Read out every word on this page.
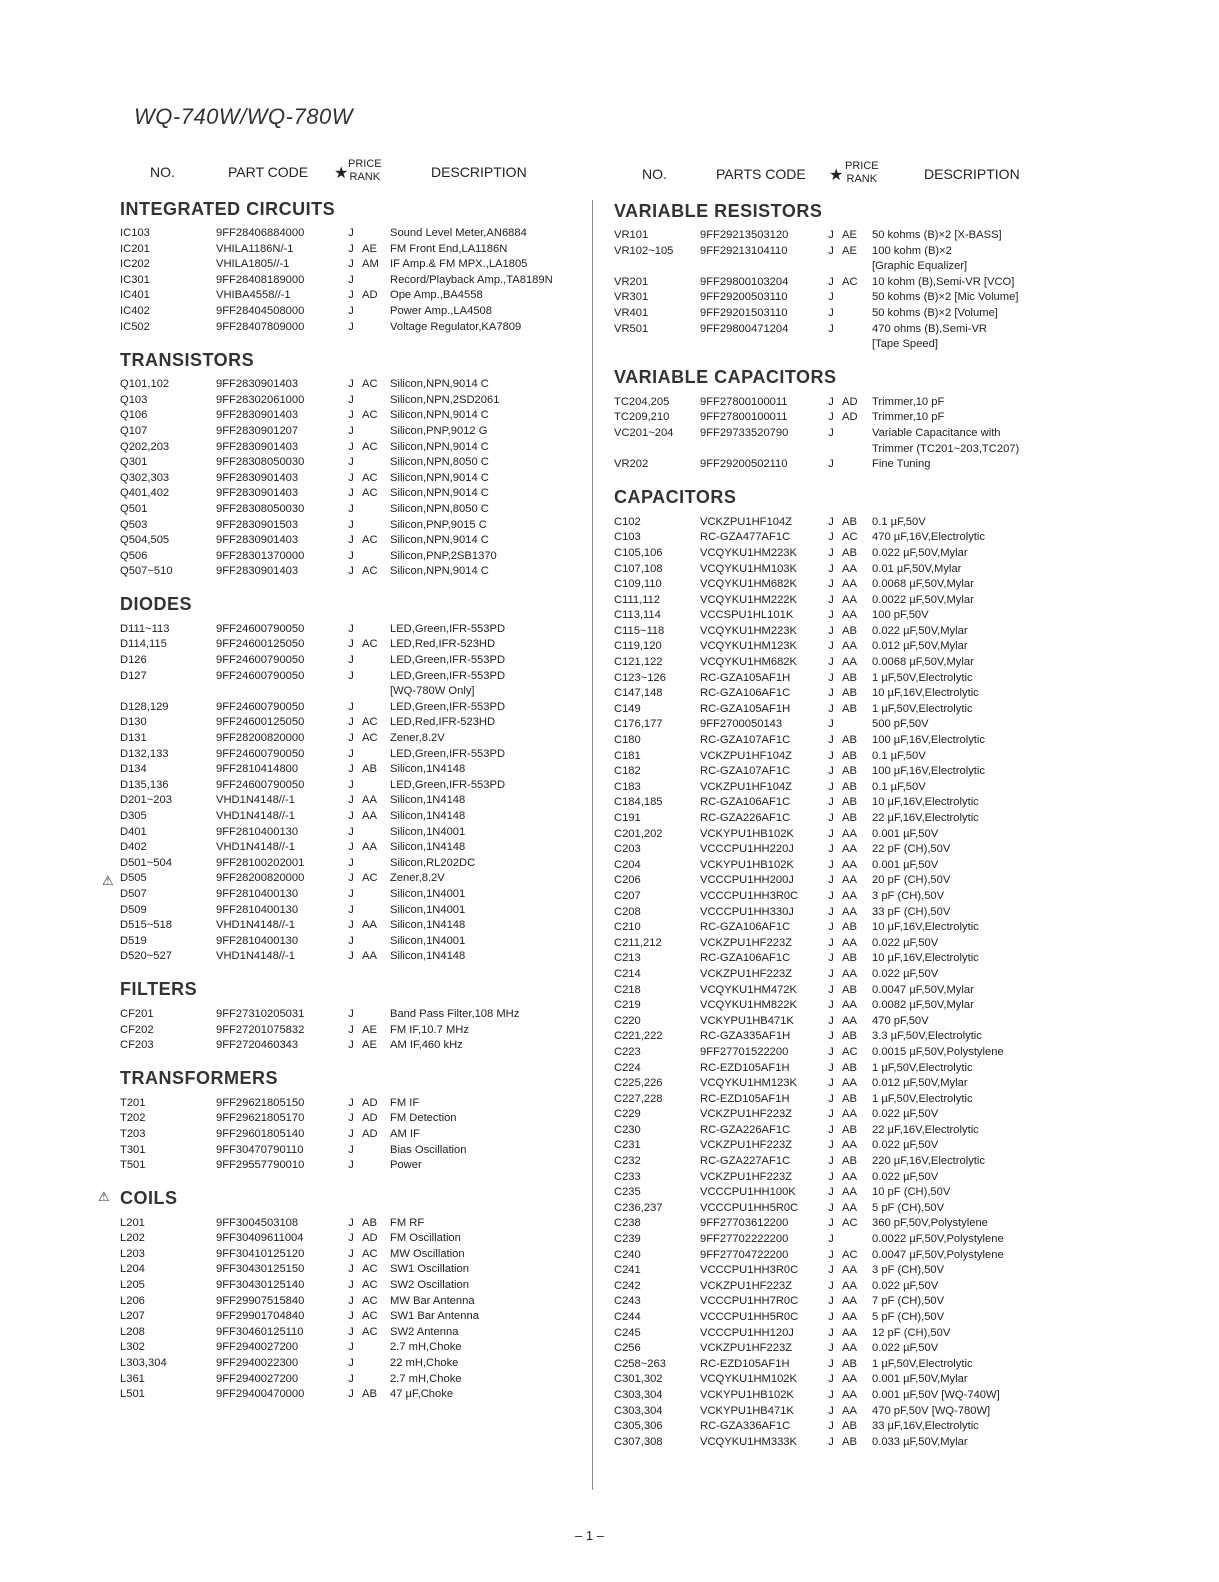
WQ-740W/WQ-780W
NO.	PART CODE ★
PRICE
RANK	DESCRIPTION	NO.	PARTS CODE ★
PRICE
RANK	DESCRIPTION
INTEGRATED CIRCUITS
IC103	9FF28406884000	J	Sound Level Meter,AN6884
IC201	VHILA1186N/-1	J AE	FM Front End,LA1186N
IC202	VHILA1805//-1	J AM	IF Amp.& FM MPX.,LA1805
IC301	9FF28408189000	J	Record/Playback Amp.,TA8189N
IC401	VHIBA4558//-1	J AD	Ope Amp.,BA4558
IC402	9FF28404508000	J	Power Amp.,LA4508
IC502	9FF28407809000	J	Voltage Regulator,KA7809
TRANSISTORS
Q101,102	9FF2830901403	J AC	Silicon,NPN,9014 C
Q103	9FF28302061000	J	Silicon,NPN,2SD2061
Q106	9FF2830901403	J AC	Silicon,NPN,9014 C
Q107	9FF2830901207	J	Silicon,PNP,9012 G
Q202,203	9FF2830901403	J AC	Silicon,NPN,9014 C
Q301	9FF28308050030	J	Silicon,NPN,8050 C
Q302,303	9FF2830901403	J AC	Silicon,NPN,9014 C
Q401,402	9FF2830901403	J AC	Silicon,NPN,9014 C
Q501	9FF28308050030	J	Silicon,NPN,8050 C
Q503	9FF2830901503	J	Silicon,PNP,9015 C
Q504,505	9FF2830901403	J AC	Silicon,NPN,9014 C
Q506	9FF28301370000	J	Silicon,PNP,2SB1370
Q507~510	9FF2830901403	J AC	Silicon,NPN,9014 C
DIODES
D111~113	9FF24600790050	J	LED,Green,IFR-553PD
D114,115	9FF24600125050	J AC	LED,Red,IFR-523HD
D126	9FF24600790050	J	LED,Green,IFR-553PD
D127	9FF24600790050	J	LED,Green,IFR-553PD
[WQ-780W Only]
D128,129	9FF24600790050	J	LED,Green,IFR-553PD
D130	9FF24600125050	J AC	LED,Red,IFR-523HD
D131	9FF28200820000	J AC	Zener,8.2V
D132,133	9FF24600790050	J	LED,Green,IFR-553PD
D134	9FF2810414800	J AB	Silicon,1N4148
D135,136	9FF24600790050	J	LED,Green,IFR-553PD
D201~203	VHD1N4148//-1	J AA	Silicon,1N4148
D305	VHD1N4148//-1	J AA	Silicon,1N4148
D401	9FF2810400130	J	Silicon,1N4001
D402	VHD1N4148//-1	J AA	Silicon,1N4148
D501~504	9FF28100202001	J	Silicon,RL202DC
D505	9FF28200820000	J AC	Zener,8.2V
D507	9FF2810400130	J	Silicon,1N4001
D509	9FF2810400130	J	Silicon,1N4001
D515~518	VHD1N4148//-1	J AA	Silicon,1N4148
D519	9FF2810400130	J	Silicon,1N4001
D520~527	VHD1N4148//-1	J AA	Silicon,1N4148
FILTERS
CF201	9FF27310205031	J	Band Pass Filter,108 MHz
CF202	9FF27201075832	J AE	FM IF,10.7 MHz
CF203	9FF2720460343	J AE	AM IF,460 kHz
TRANSFORMERS
T201	9FF29621805150	J AD	FM IF
T202	9FF29621805170	J AD	FM Detection
T203	9FF29601805140	J AD	AM IF
T301	9FF30470790110	J	Bias Oscillation
T501	9FF29557790010	J	Power
COILS
L201	9FF3004503108	J AB	FM RF
L202	9FF30409611004	J AD	FM Oscillation
L203	9FF30410125120	J AC	MW Oscillation
L204	9FF30430125150	J AC	SW1 Oscillation
L205	9FF30430125140	J AC	SW2 Oscillation
L206	9FF29907515840	J AC	MW Bar Antenna
L207	9FF29901704840	J AC	SW1 Bar Antenna
L208	9FF30460125110	J AC	SW2 Antenna
L302	9FF2940027200	J	2.7 mH,Choke
L303,304	9FF2940022300	J	22 mH,Choke
L361	9FF2940027200	J	2.7 mH,Choke
L501	9FF29400470000	J AB	47 µF,Choke
VARIABLE RESISTORS
VR101	9FF29213503120	J AE	50 kohms (B)×2 [X-BASS]
VR102~105	9FF29213104110	J AE	100 kohm (B)×2
[Graphic Equalizer]
VR201	9FF29800103204	J AC	10 kohm (B),Semi-VR [VCO]
VR301	9FF29200503110	J	50 kohms (B)×2 [Mic Volume]
VR401	9FF29201503110	J	50 kohms (B)×2 [Volume]
VR501	9FF29800471204	J	470 ohms (B),Semi-VR
[Tape Speed]
VARIABLE CAPACITORS
TC204,205	9FF27800100011	J AD	Trimmer,10 pF
TC209,210	9FF27800100011	J AD	Trimmer,10 pF
VC201~204	9FF29733520790	J	Variable Capacitance with
Trimmer (TC201~203,TC207)
VR202	9FF29200502110	J	Fine Tuning
CAPACITORS
C102	VCKZPU1HF104Z	J AB	0.1 µF,50V
C103	RC-GZA477AF1C	J AC	470 µF,16V,Electrolytic
C105,106	VCQYKU1HM223K	J AB	0.022 µF,50V,Mylar
C107,108	VCQYKU1HM103K	J AA	0.01 µF,50V,Mylar
C109,110	VCQYKU1HM682K	J AA	0.0068 µF,50V,Mylar
C111,112	VCQYKU1HM222K	J AA	0.0022 µF,50V,Mylar
C113,114	VCCSPU1HL101K	J AA	100 pF,50V
C115~118	VCQYKU1HM223K	J AB	0.022 µF,50V,Mylar
C119,120	VCQYKU1HM123K	J AA	0.012 µF,50V,Mylar
C121,122	VCQYKU1HM682K	J AA	0.0068 µF,50V,Mylar
C123~126	RC-GZA105AF1H	J AB	1 µF,50V,Electrolytic
C147,148	RC-GZA106AF1C	J AB	10 µF,16V,Electrolytic
C149	RC-GZA105AF1H	J AB	1 µF,50V,Electrolytic
C176,177	9FF2700050143	J	500 pF,50V
C180	RC-GZA107AF1C	J AB	100 µF,16V,Electrolytic
C181	VCKZPU1HF104Z	J AB	0.1 µF,50V
C182	RC-GZA107AF1C	J AB	100 µF,16V,Electrolytic
C183	VCKZPU1HF104Z	J AB	0.1 µF,50V
C184,185	RC-GZA106AF1C	J AB	10 µF,16V,Electrolytic
C191	RC-GZA226AF1C	J AB	22 µF,16V,Electrolytic
C201,202	VCKYPU1HB102K	J AA	0.001 µF,50V
C203	VCCCPU1HH220J	J AA	22 pF (CH),50V
C204	VCKYPU1HB102K	J AA	0.001 µF,50V
C206	VCCCPU1HH200J	J AA	20 pF (CH),50V
C207	VCCCPU1HH3R0C	J AA	3 pF (CH),50V
C208	VCCCPU1HH330J	J AA	33 pF (CH),50V
C210	RC-GZA106AF1C	J AB	10 µF,16V,Electrolytic
C211,212	VCKZPU1HF223Z	J AA	0.022 µF,50V
C213	RC-GZA106AF1C	J AB	10 µF,16V,Electrolytic
C214	VCKZPU1HF223Z	J AA	0.022 µF,50V
C218	VCQYKU1HM472K	J AB	0.0047 µF,50V,Mylar
C219	VCQYKU1HM822K	J AA	0.0082 µF,50V,Mylar
C220	VCKYPU1HB471K	J AA	470 pF,50V
C221,222	RC-GZA335AF1H	J AB	3.3 µF,50V,Electrolytic
C223	9FF27701522200	J AC	0.0015 µF,50V,Polystylene
C224	RC-EZD105AF1H	J AB	1 µF,50V,Electrolytic
C225,226	VCQYKU1HM123K	J AA	0.012 µF,50V,Mylar
C227,228	RC-EZD105AF1H	J AB	1 µF,50V,Electrolytic
C229	VCKZPU1HF223Z	J AA	0.022 µF,50V
C230	RC-GZA226AF1C	J AB	22 µF,16V,Electrolytic
C231	VCKZPU1HF223Z	J AA	0.022 µF,50V
C232	RC-GZA227AF1C	J AB	220 µF,16V,Electrolytic
C233	VCKZPU1HF223Z	J AA	0.022 µF,50V
C235	VCCCPU1HH100K	J AA	10 pF (CH),50V
C236,237	VCCCPU1HH5R0C	J AA	5 pF (CH),50V
C238	9FF27703612200	J AC	360 pF,50V,Polystylene
C239	9FF27702222200	J	0.0022 µF,50V,Polystylene
C240	9FF27704722200	J AC	0.0047 µF,50V,Polystylene
C241	VCCCPU1HH3R0C	J AA	3 pF (CH),50V
C242	VCKZPU1HF223Z	J AA	0.022 µF,50V
C243	VCCCPU1HH7R0C	J AA	7 pF (CH),50V
C244	VCCCPU1HH5R0C	J AA	5 pF (CH),50V
C245	VCCCPU1HH120J	J AA	12 pF (CH),50V
C256	VCKZPU1HF223Z	J AA	0.022 µF,50V
C258~263	RC-EZD105AF1H	J AB	1 µF,50V,Electrolytic
C301,302	VCQYKU1HM102K	J AA	0.001 µF,50V,Mylar
C303,304	VCKYPU1HB102K	J AA	0.001 µF,50V [WQ-740W]
C303,304	VCKYPU1HB471K	J AA	470 pF,50V [WQ-780W]
C305,306	RC-GZA336AF1C	J AB	33 µF,16V,Electrolytic
C307,308	VCQYKU1HM333K	J AB	0.033 µF,50V,Mylar
⚠
⚠
– 1 –
